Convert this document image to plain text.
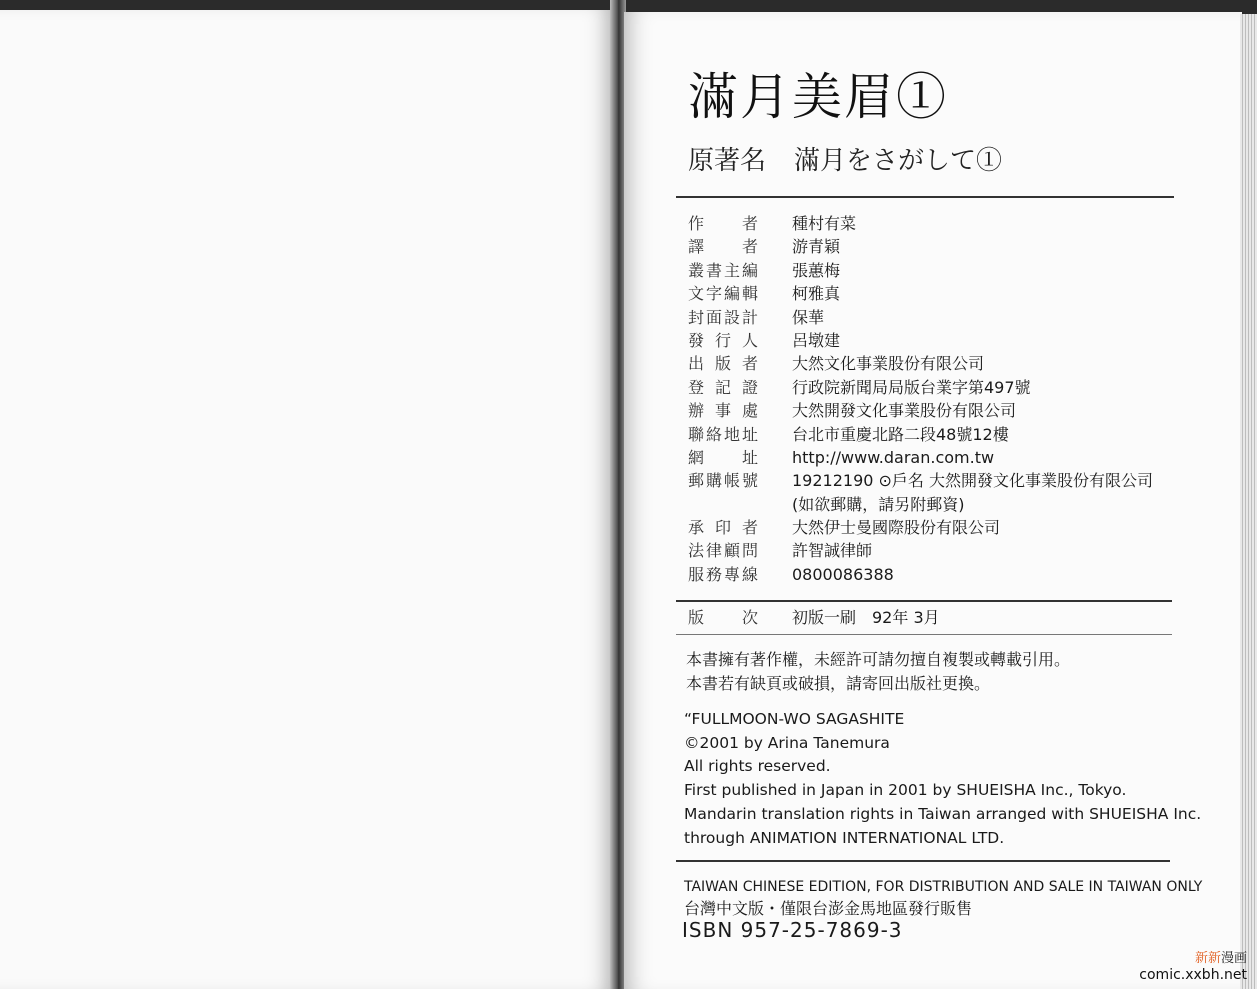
滿月美眉①
原著名 滿月をさがして①
作 者 種村有菜
譯 者 游青穎
叢 書 主 編 張蕙梅
文 字 編 輯 柯雅真
封 面 設 計 保華
發 行 人 呂墩建
出 版 者 大然文化事業股份有限公司
登 記 證 行政院新聞局局版台業字第497號
辦 事 處 大然開發文化事業股份有限公司
聯 絡 地 址 台北市重慶北路二段48號12樓
網 址 http://www.daran.com.tw
郵 購 帳 號 19212190 ⊙戶名 大然開發文化事業股份有限公司
(如欲郵購，請另附郵資)
承 印 者 大然伊士曼國際股份有限公司
法 律 顧 問 許智誠律師
服 務 專 線 0800086388
版 次 初版一刷　92年 3月
本書擁有著作權，未經許可請勿擅自複製或轉載引用。
本書若有缺頁或破損，請寄回出版社更換。
“FULLMOON-WO SAGASHITE
©2001 by Arina Tanemura
All rights reserved.
First published in Japan in 2001 by SHUEISHA Inc., Tokyo.
Mandarin translation rights in Taiwan arranged with SHUEISHA Inc.
through ANIMATION INTERNATIONAL LTD.
TAIWAN CHINESE EDITION, FOR DISTRIBUTION AND SALE IN TAIWAN ONLY
台灣中文版・僅限台澎金馬地區發行販售
ISBN 957-25-7869-3
新新漫画
comic.xxbh.net
